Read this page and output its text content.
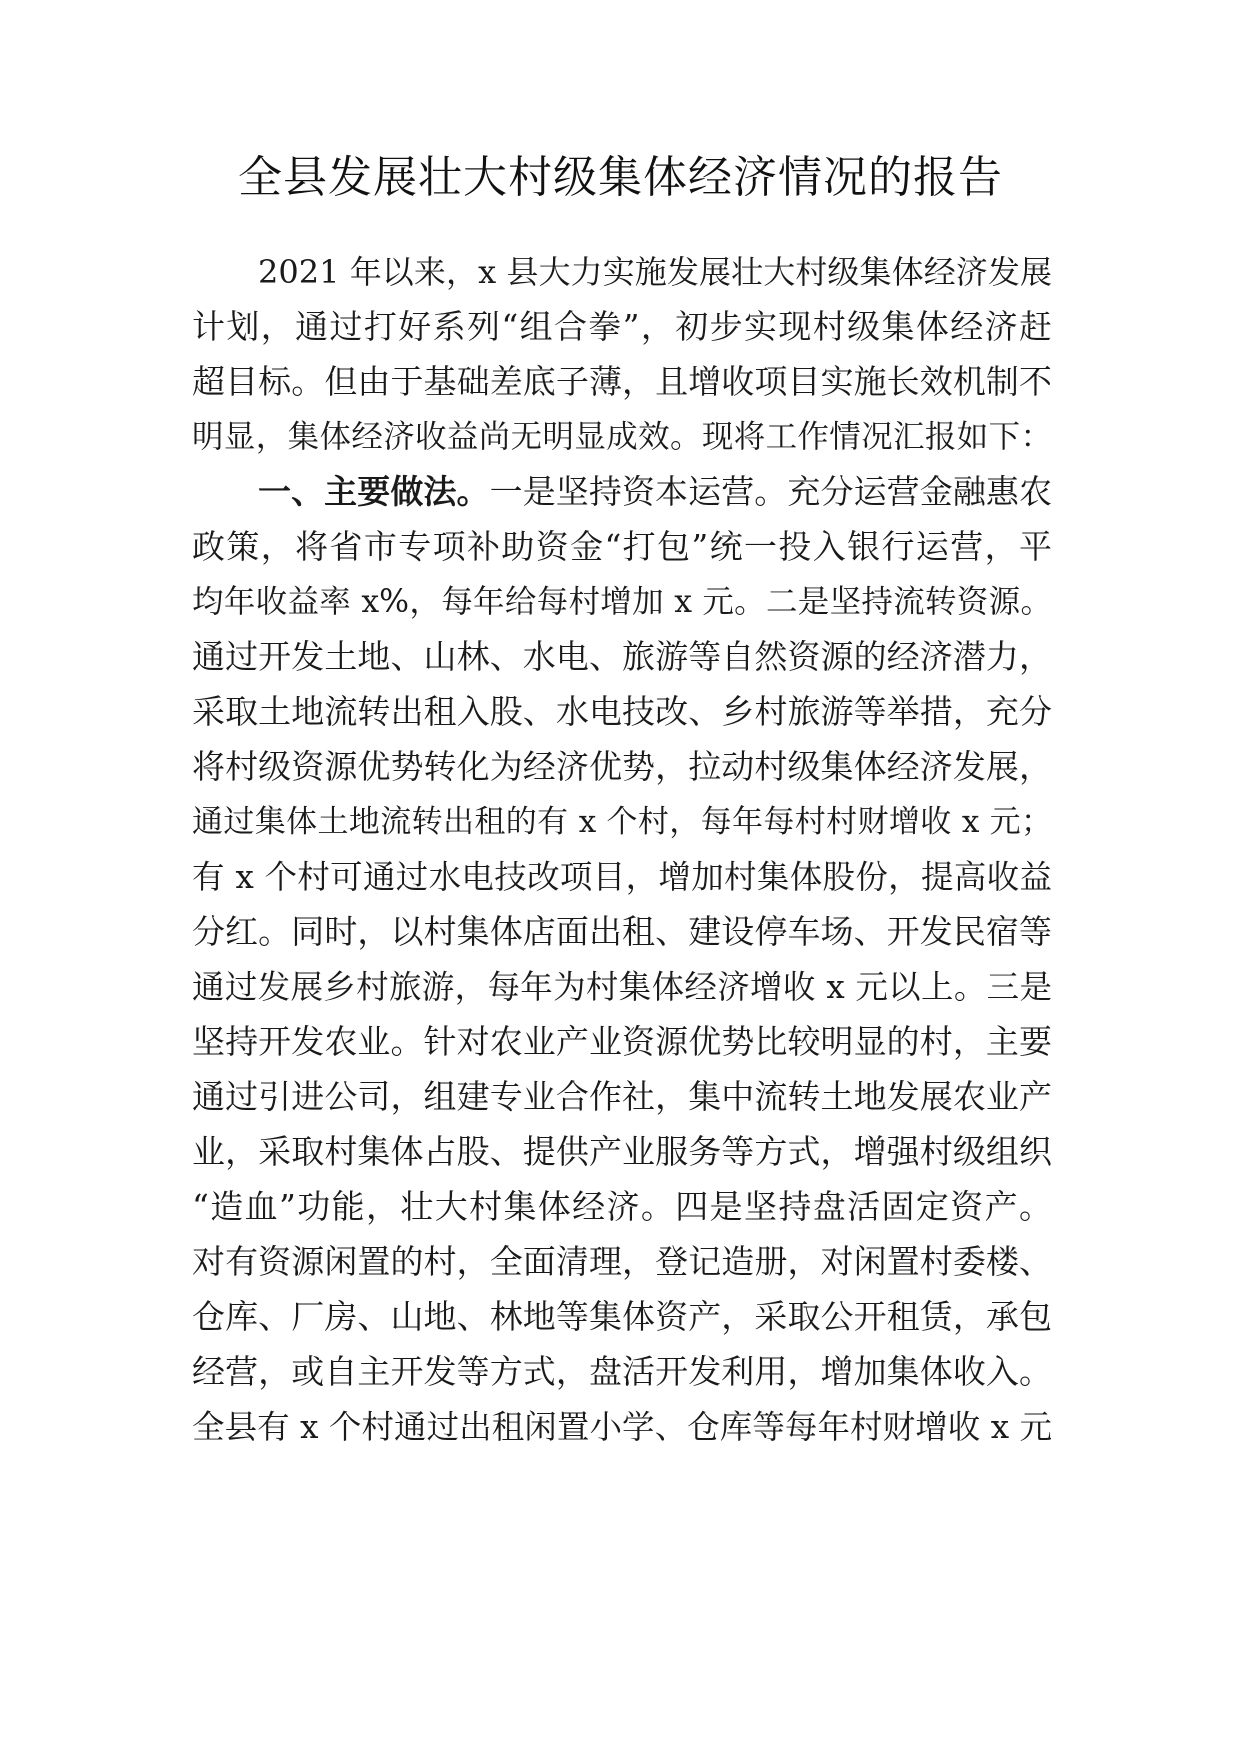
全县发展壮大村级集体经济情况的报告
2021 年以来，x 县大力实施发展壮大村级集体经济发展
计划，通过打好系列“组合拳”，初步实现村级集体经济赶
超目标。但由于基础差底子薄，且增收项目实施长效机制不
明显，集体经济收益尚无明显成效。现将工作情况汇报如下：
一、主要做法。一是坚持资本运营。充分运营金融惠农
政策，将省市专项补助资金“打包”统一投入银行运营，平
均年收益率 x%，每年给每村增加 x 元。二是坚持流转资源。
通过开发土地、山林、水电、旅游等自然资源的经济潜力，
采取土地流转出租入股、水电技改、乡村旅游等举措，充分
将村级资源优势转化为经济优势，拉动村级集体经济发展，
通过集体土地流转出租的有 x 个村，每年每村村财增收 x 元；
有 x 个村可通过水电技改项目，增加村集体股份，提高收益
分红。同时，以村集体店面出租、建设停车场、开发民宿等
通过发展乡村旅游，每年为村集体经济增收 x 元以上。三是
坚持开发农业。针对农业产业资源优势比较明显的村，主要
通过引进公司，组建专业合作社，集中流转土地发展农业产
业，采取村集体占股、提供产业服务等方式，增强村级组织
“造血”功能，壮大村集体经济。四是坚持盘活固定资产。
对有资源闲置的村，全面清理，登记造册，对闲置村委楼、
仓库、厂房、山地、林地等集体资产，采取公开租赁，承包
经营，或自主开发等方式，盘活开发利用，增加集体收入。
全县有 x 个村通过出租闲置小学、仓库等每年村财增收 x 元
